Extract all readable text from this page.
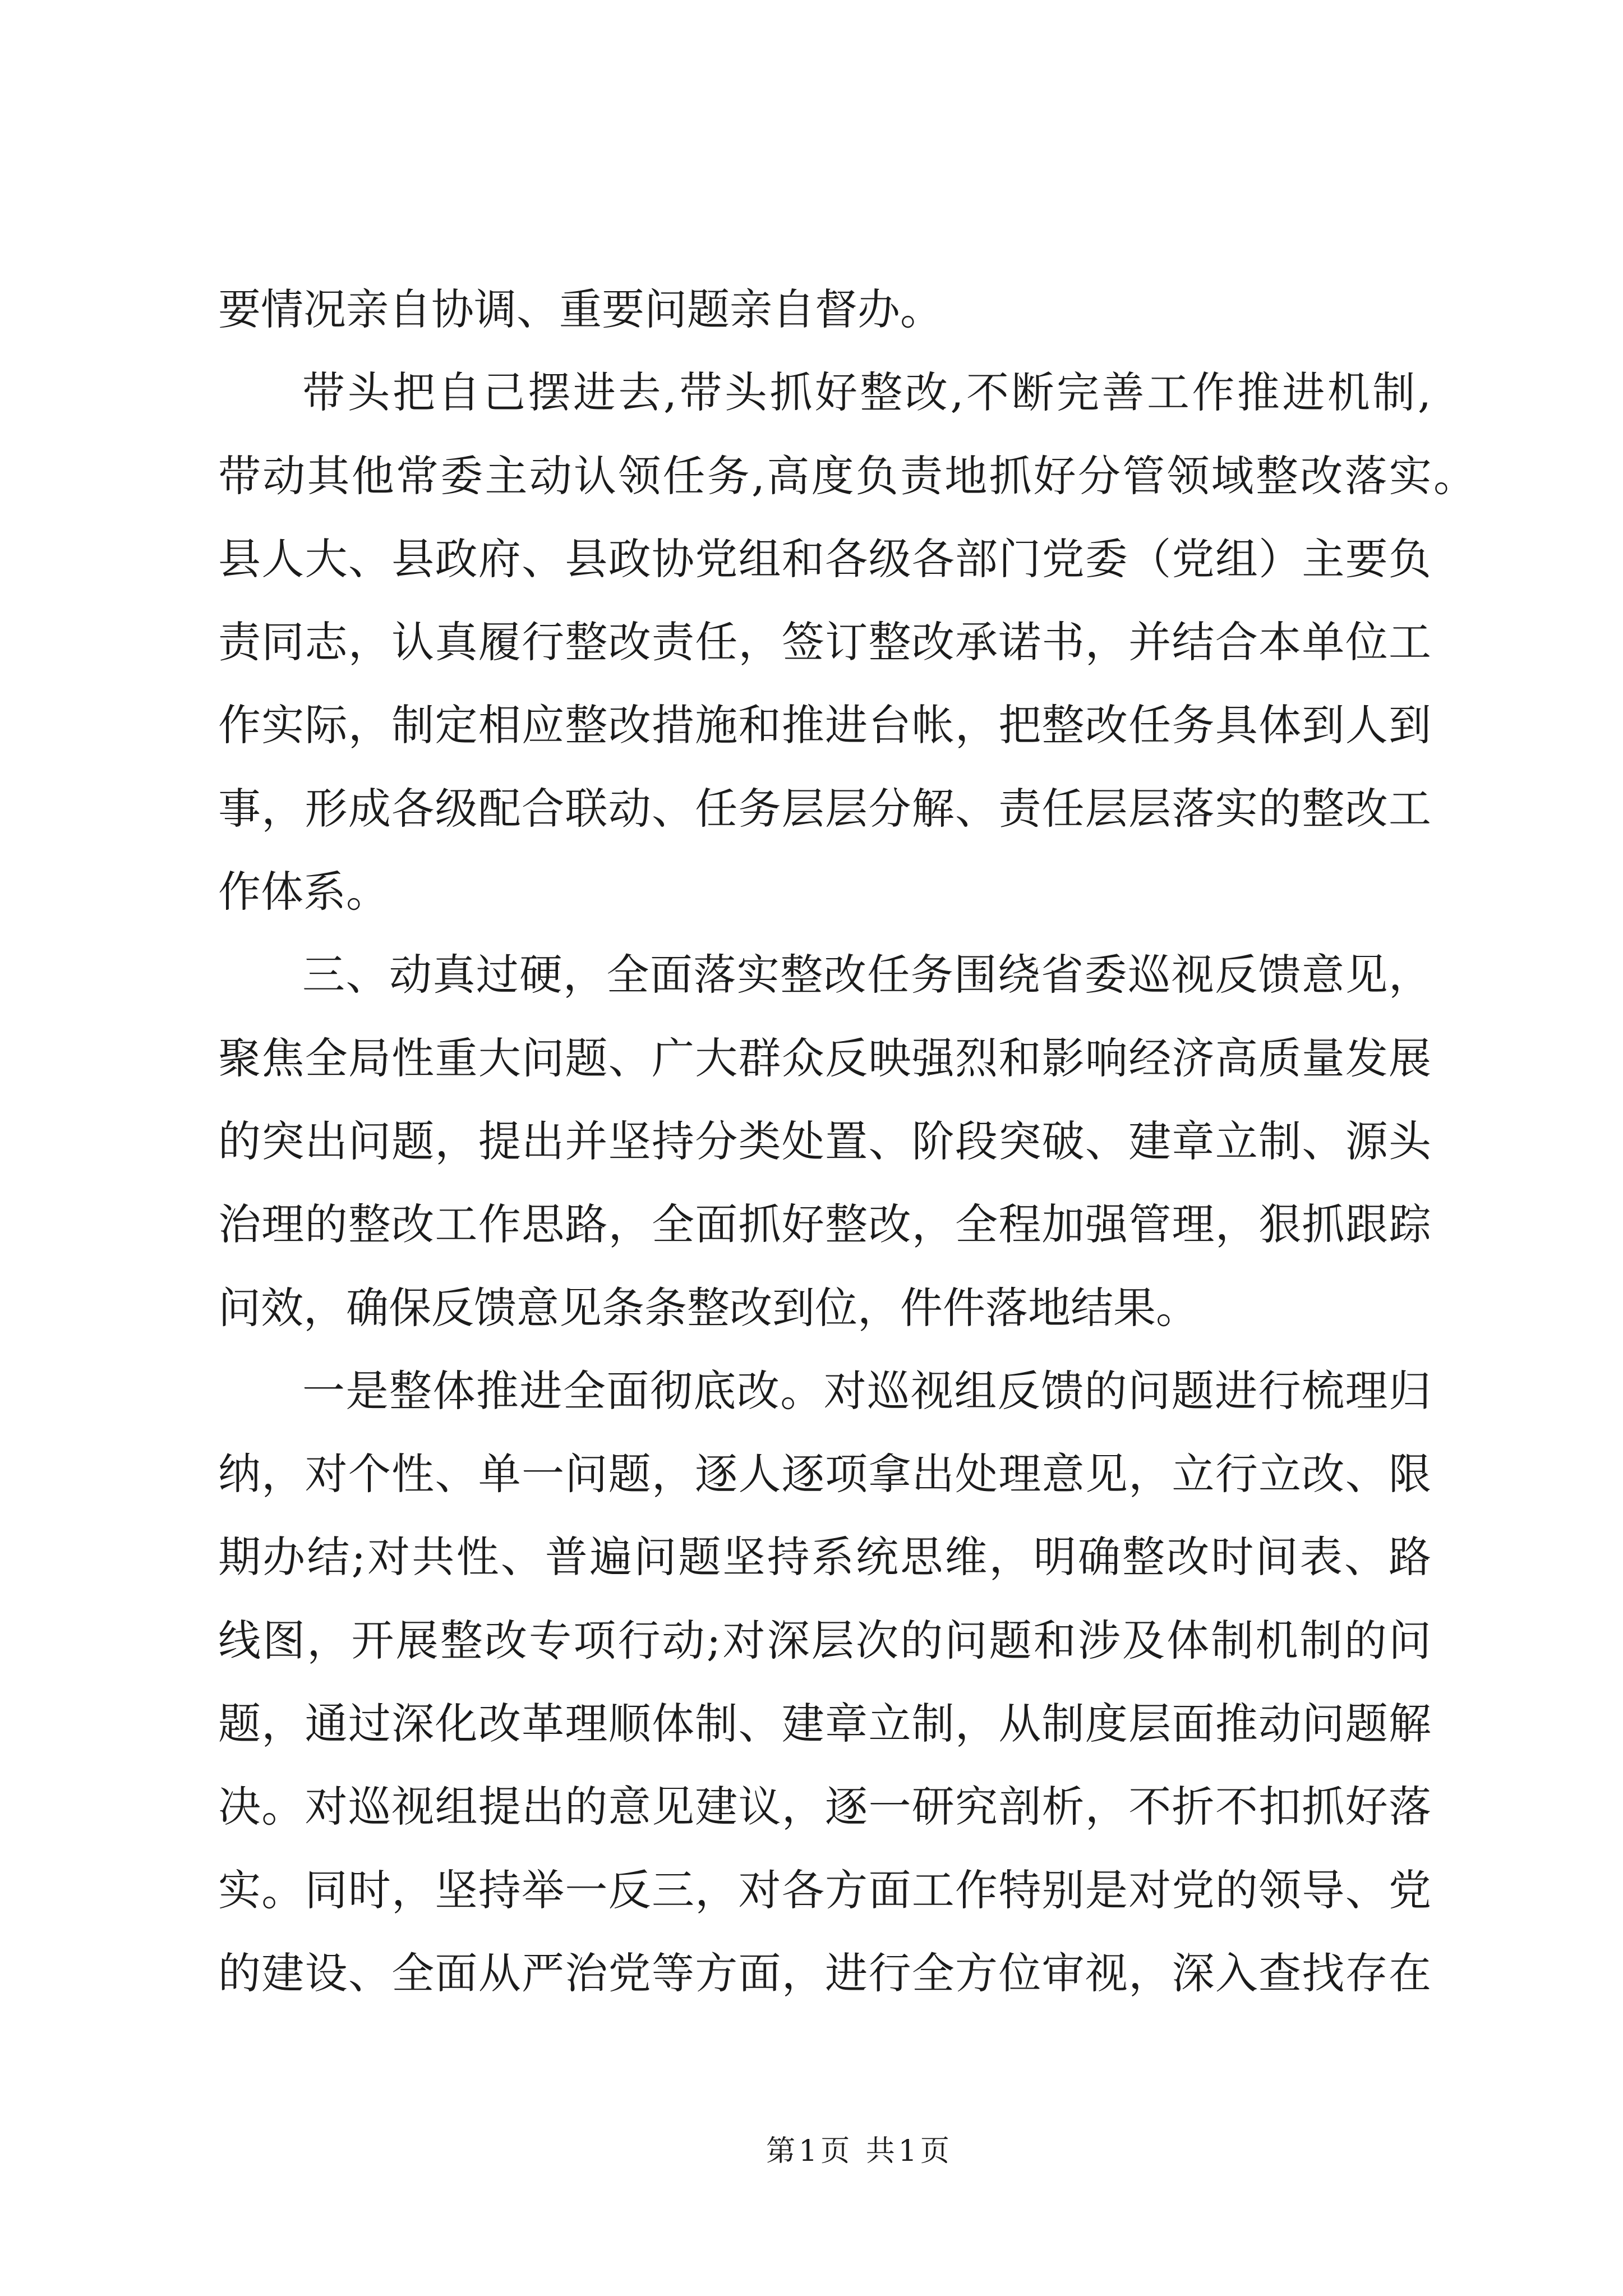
要情况亲自协调、重要问题亲自督办。
带头把自己摆进去,带头抓好整改,不断完善工作推进机制,
带动其他常委主动认领任务,高度负责地抓好分管领域整改落实。
县人大、县政府、县政协党组和各级各部门党委（党组）主要负
责同志，认真履行整改责任，签订整改承诺书，并结合本单位工
作实际，制定相应整改措施和推进台帐，把整改任务具体到人到
事，形成各级配合联动、任务层层分解、责任层层落实的整改工
作体系。
三、动真过硬，全面落实整改任务围绕省委巡视反馈意见，
聚焦全局性重大问题、广大群众反映强烈和影响经济高质量发展
的突出问题，提出并坚持分类处置、阶段突破、建章立制、源头
治理的整改工作思路，全面抓好整改，全程加强管理，狠抓跟踪
问效，确保反馈意见条条整改到位，件件落地结果。
一是整体推进全面彻底改。对巡视组反馈的问题进行梳理归
纳，对个性、单一问题，逐人逐项拿出处理意见，立行立改、限
期办结;对共性、普遍问题坚持系统思维，明确整改时间表、路
线图，开展整改专项行动;对深层次的问题和涉及体制机制的问
题，通过深化改革理顺体制、建章立制，从制度层面推动问题解
决。对巡视组提出的意见建议，逐一研究剖析，不折不扣抓好落
实。同时，坚持举一反三，对各方面工作特别是对党的领导、党
的建设、全面从严治党等方面，进行全方位审视，深入查找存在
第1页 共1页
